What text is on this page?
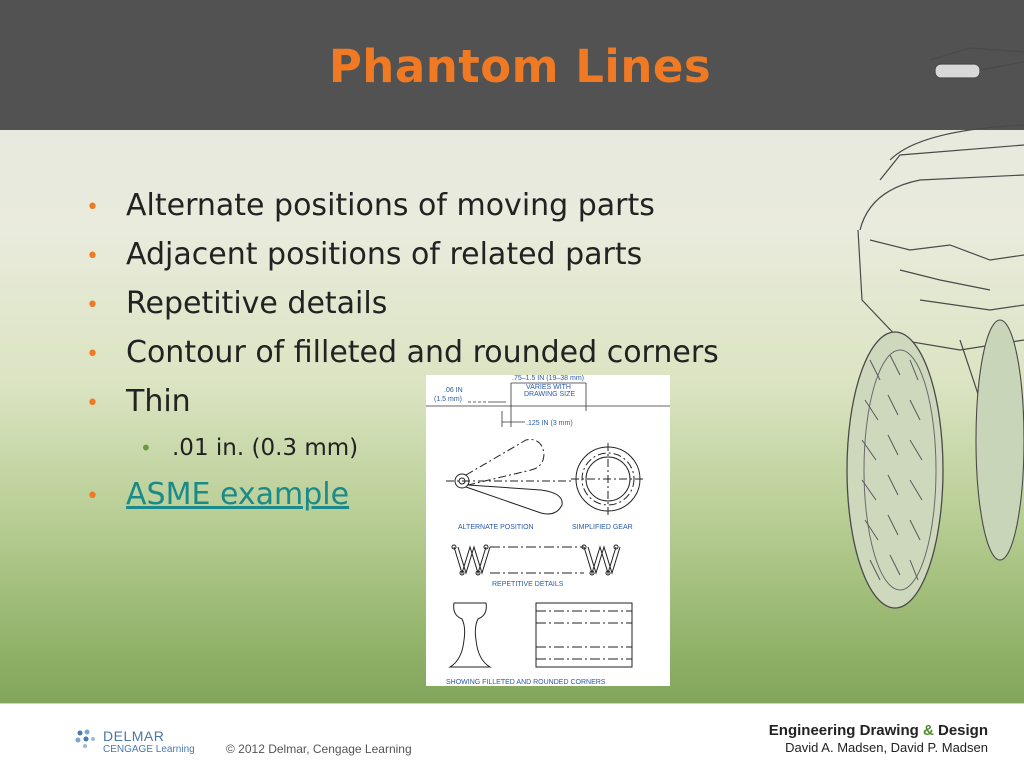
Phantom Lines
• Alternate positions of moving parts
• Adjacent positions of related parts
• Repetitive details
• Contour of filleted and rounded corners
• Thin
• .01 in. (0.3 mm)
• ASME example
.06 IN
(1.5 mm)
.75–1.5 IN (19–38 mm)
VARIES WITH
DRAWING SIZE
.125 IN (3 mm)
ALTERNATE POSITION	SIMPLIFIED GEAR
REPETITIVE DETAILS
SHOWING FILLETED AND ROUNDED CORNERS
DELMAR
CENGAGE Learning	© 2012 Delmar, Cengage Learning
Engineering Drawing & Design
David A. Madsen, David P. Madsen
